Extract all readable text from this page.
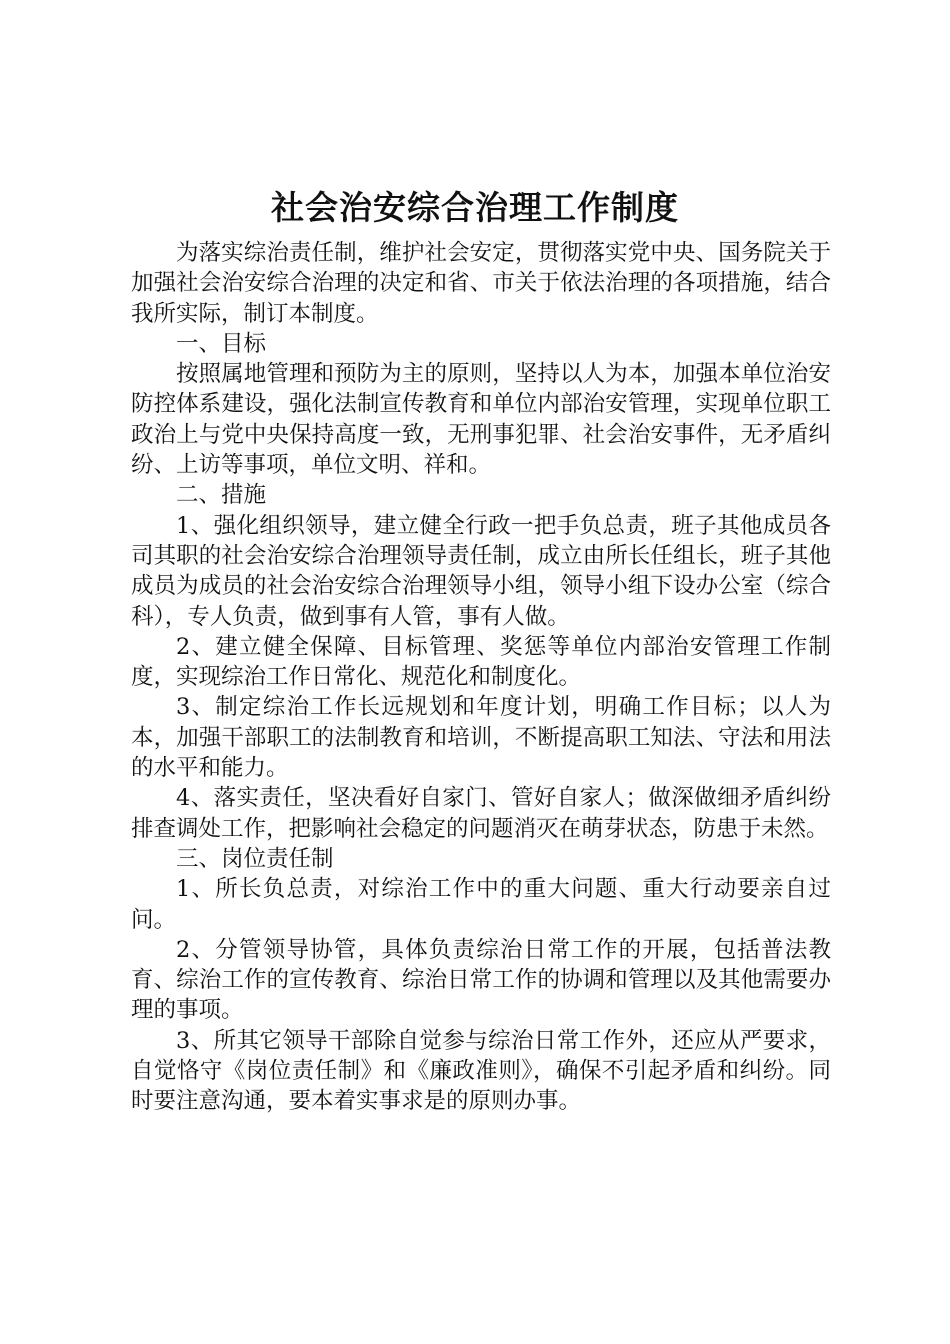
社会治安综合治理工作制度

为落实综治责任制，维护社会安定，贯彻落实党中央、国务院关于加强社会治安综合治理的决定和省、市关于依法治理的各项措施，结合我所实际，制订本制度。

一、目标

按照属地管理和预防为主的原则，坚持以人为本，加强本单位治安防控体系建设，强化法制宣传教育和单位内部治安管理，实现单位职工政治上与党中央保持高度一致，无刑事犯罪、社会治安事件，无矛盾纠纷、上访等事项，单位文明、祥和。

二、措施

1、强化组织领导，建立健全行政一把手负总责，班子其他成员各司其职的社会治安综合治理领导责任制，成立由所长任组长，班子其他成员为成员的社会治安综合治理领导小组，领导小组下设办公室（综合科），专人负责，做到事有人管，事有人做。

2、建立健全保障、目标管理、奖惩等单位内部治安管理工作制度，实现综治工作日常化、规范化和制度化。

3、制定综治工作长远规划和年度计划，明确工作目标；以人为本，加强干部职工的法制教育和培训，不断提高职工知法、守法和用法的水平和能力。

4、落实责任，坚决看好自家门、管好自家人；做深做细矛盾纠纷排查调处工作，把影响社会稳定的问题消灭在萌芽状态，防患于未然。

三、岗位责任制

1、所长负总责，对综治工作中的重大问题、重大行动要亲自过问。

2、分管领导协管，具体负责综治日常工作的开展，包括普法教育、综治工作的宣传教育、综治日常工作的协调和管理以及其他需要办理的事项。

3、所其它领导干部除自觉参与综治日常工作外，还应从严要求，自觉恪守《岗位责任制》和《廉政准则》，确保不引起矛盾和纠纷。同时要注意沟通，要本着实事求是的原则办事。
